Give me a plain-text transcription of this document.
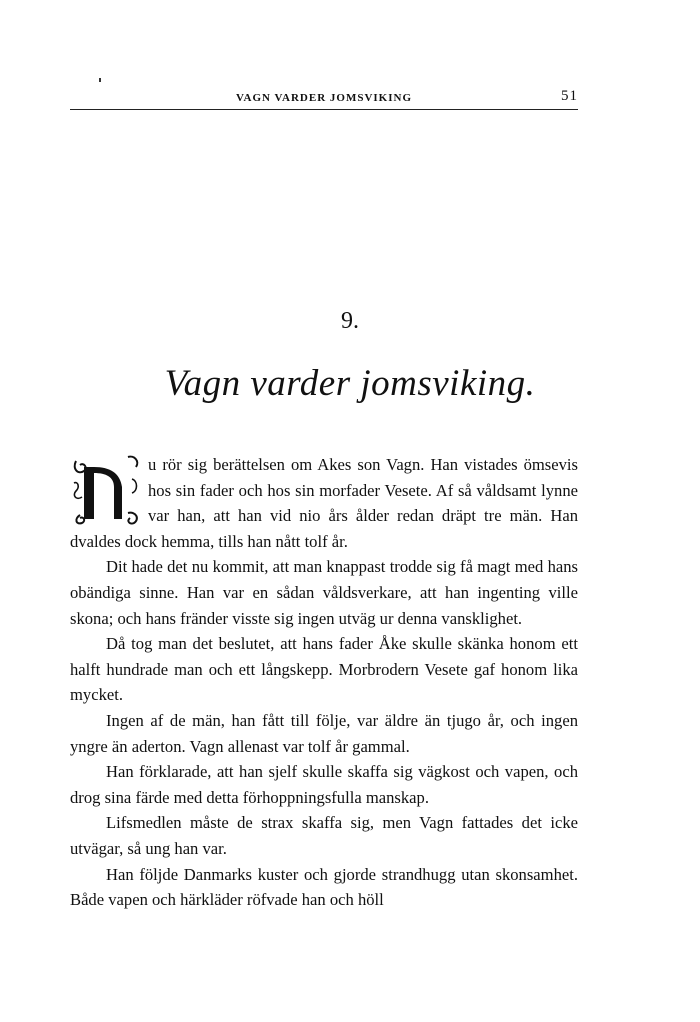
VAGN VARDER JOMSVIKING	51
9.
Vagn varder jomsviking.

N
u rör sig berättelsen om Akes son Vagn. Han vistades ömsevis hos sin fader och hos sin morfader Vesete. Af så våldsamt lynne var han, att han vid nio års ålder redan dräpt tre män. Han dvaldes dock hemma, tills han nått tolf år.

Dit hade det nu kommit, att man knappast trodde sig få magt med hans obändiga sinne. Han var en sådan våldsverkare, att han ingenting ville skona; och hans fränder visste sig ingen utväg ur denna vansklighet.

Då tog man det beslutet, att hans fader Åke skulle skänka honom ett halft hundrade man och ett långskepp. Morbrodern Vesete gaf honom lika mycket.

Ingen af de män, han fått till följe, var äldre än tjugo år, och ingen yngre än aderton. Vagn allenast var tolf år gammal.

Han förklarade, att han sjelf skulle skaffa sig vägkost och vapen, och drog sina färde med detta förhoppningsfulla manskap.

Lifsmedlen måste de strax skaffa sig, men Vagn fattades det icke utvägar, så ung han var.

Han följde Danmarks kuster och gjorde strandhugg utan skonsamhet. Både vapen och härkläder röfvade han och höll
